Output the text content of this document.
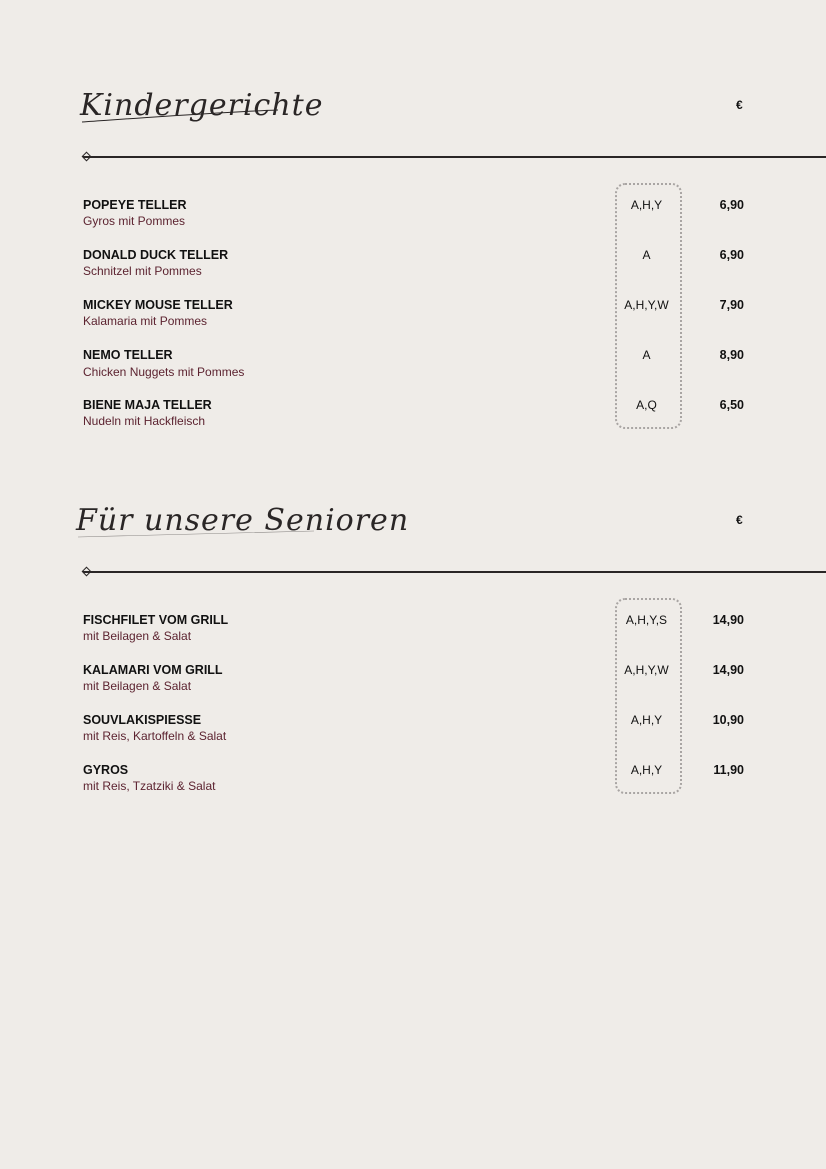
Kindergerichte	€
POPEYE TELLER
Gyros mit Pommes
A,H,Y	6,90
DONALD DUCK TELLER
Schnitzel mit Pommes
A	6,90
MICKEY MOUSE TELLER
Kalamaria mit Pommes
A,H,Y,W	7,90
NEMO TELLER
Chicken Nuggets mit Pommes
A	8,90
BIENE MAJA TELLER
Nudeln mit Hackfleisch
A,Q	6,50
Für unsere Senioren	€
FISCHFILET VOM GRILL
mit Beilagen & Salat
A,H,Y,S	14,90
KALAMARI VOM GRILL
mit Beilagen & Salat
A,H,Y,W	14,90
SOUVLAKISPIESSE
mit Reis, Kartoffeln & Salat
A,H,Y	10,90
GYROS
mit Reis, Tzatziki & Salat
A,H,Y	11,90
